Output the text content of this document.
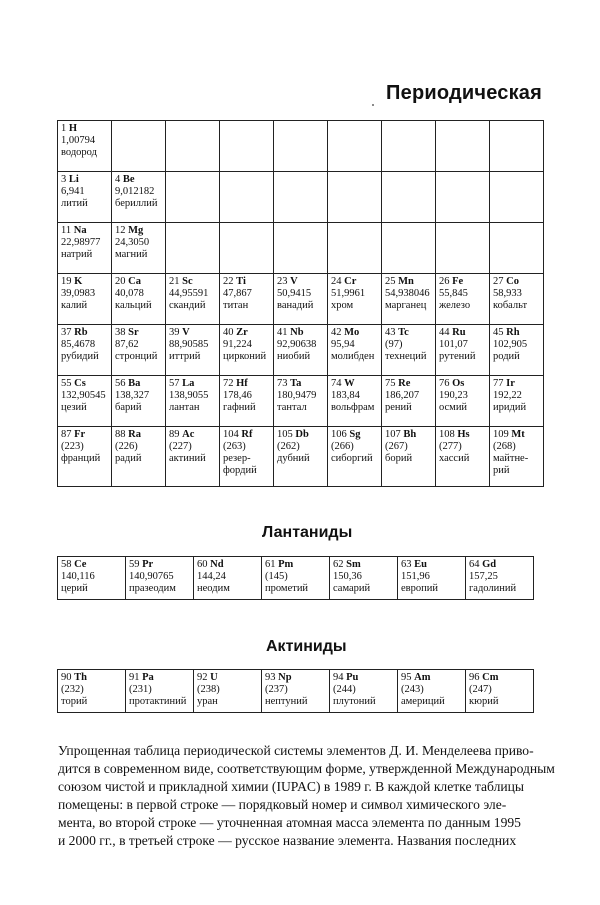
Периодическая
1 H
1,00794
водород								
3 Li
6,941
литий	4 Be
9,012182
бериллий							
11 Na
22,98977
натрий	12 Mg
24,3050
магний							
19 K
39,0983
калий	20 Ca
40,078
кальций	21 Sc
44,95591
скандий	22 Ti
47,867
титан	23 V
50,9415
ванадий	24 Cr
51,9961
хром	25 Mn
54,938046
марганец	26 Fe
55,845
железо	27 Co
58,933
кобальт
37 Rb
85,4678
рубидий	38 Sr
87,62
стронций	39 V
88,90585
иттрий	40 Zr
91,224
цирконий	41 Nb
92,90638
ниобий	42 Mo
95,94
молибден	43 Tc
(97)
технеций	44 Ru
101,07
рутений	45 Rh
102,905
родий
55 Cs
132,90545
цезий	56 Ba
138,327
барий	57 La
138,9055
лантан	72 Hf
178,46
гафний	73 Ta
180,9479
тантал	74 W
183,84
вольфрам	75 Re
186,207
рений	76 Os
190,23
осмий	77 Ir
192,22
иридий
87 Fr
(223)
франций	88 Ra
(226)
радий	89 Ac
(227)
актиний	104 Rf
(263)
резер-
фордий	105 Db
(262)
дубний	106 Sg
(266)
сиборгий	107 Bh
(267)
борий	108 Hs
(277)
хассий	109 Mt
(268)
майтне-
рий
Лантаниды
58 Ce
140,116
церий	59 Pr
140,90765
празеодим	60 Nd
144,24
неодим	61 Pm
(145)
прометий	62 Sm
150,36
самарий	63 Eu
151,96
европий	64 Gd
157,25
гадолиний
Актиниды
90 Th
(232)
торий	91 Pa
(231)
протактиний	92 U
(238)
уран	93 Np
(237)
нептуний	94 Pu
(244)
плутоний	95 Am
(243)
америций	96 Cm
(247)
кюрий
Упрощенная таблица периодической системы элементов Д. И. Менделеева приво-
дится в современном виде, соответствующим форме, утвержденной Международным
союзом чистой и прикладной химии (IUPAC) в 1989 г. В каждой клетке таблицы
помещены: в первой строке — порядковый номер и символ химического эле-
мента, во второй строке — уточненная атомная масса элемента по данным 1995
и 2000 гг., в третьей строке — русское название элемента. Названия последних
